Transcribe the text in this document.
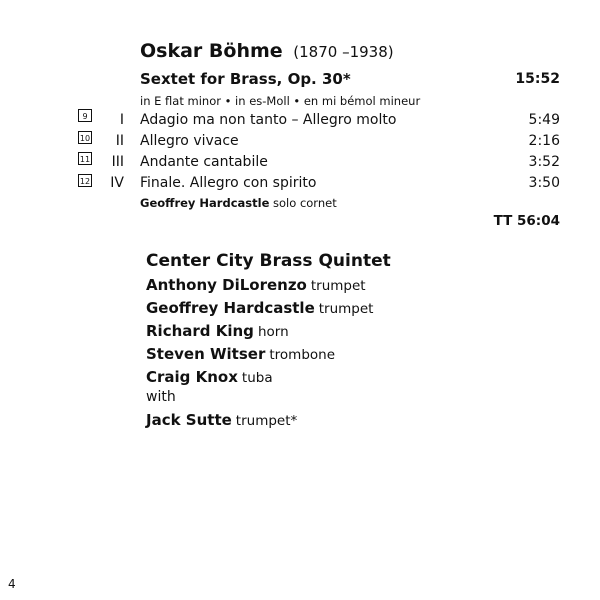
Oskar Böhme (1870 –1938)
Sextet for Brass, Op. 30*	15:52
in E flat minor • in es-Moll • en mi bémol mineur
9	I Adagio ma non tanto – Allegro molto	5:49
10	II Allegro vivace	2:16
11	III Andante cantabile	3:52
12	IV Finale. Allegro con spirito	3:50
Geoffrey Hardcastle solo cornet
TT 56:04
Center City Brass Quintet
Anthony DiLorenzo trumpet
Geoffrey Hardcastle trumpet
Richard King horn
Steven Witser trombone
Craig Knox tuba
with
Jack Sutte trumpet*
4
